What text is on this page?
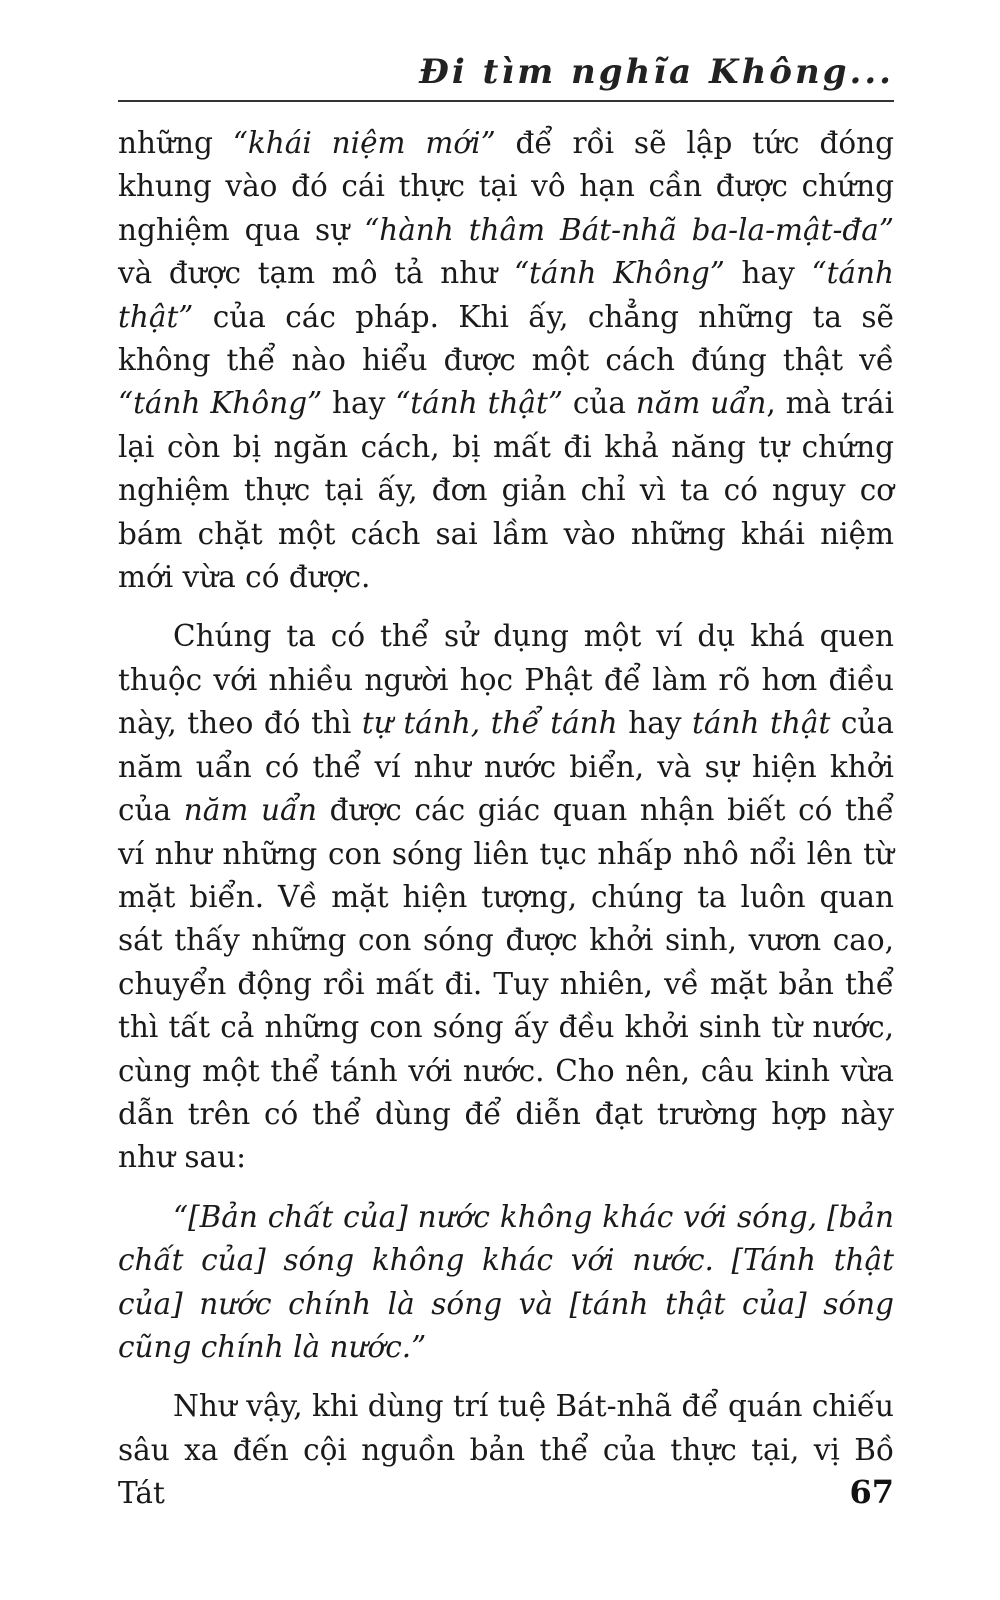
Đi tìm nghĩa Không...

những “khái niệm mới” để rồi sẽ lập tức đóng khung vào đó cái thực tại vô hạn cần được chứng nghiệm qua sự “hành thâm Bát-nhã ba-la-mật-đa” và được tạm mô tả như “tánh Không” hay “tánh thật” của các pháp. Khi ấy, chẳng những ta sẽ không thể nào hiểu được một cách đúng thật về “tánh Không” hay “tánh thật” của năm uẩn, mà trái lại còn bị ngăn cách, bị mất đi khả năng tự chứng nghiệm thực tại ấy, đơn giản chỉ vì ta có nguy cơ bám chặt một cách sai lầm vào những khái niệm mới vừa có được.

Chúng ta có thể sử dụng một ví dụ khá quen thuộc với nhiều người học Phật để làm rõ hơn điều này, theo đó thì tự tánh, thể tánh hay tánh thật của năm uẩn có thể ví như nước biển, và sự hiện khởi của năm uẩn được các giác quan nhận biết có thể ví như những con sóng liên tục nhấp nhô nổi lên từ mặt biển. Về mặt hiện tượng, chúng ta luôn quan sát thấy những con sóng được khởi sinh, vươn cao, chuyển động rồi mất đi. Tuy nhiên, về mặt bản thể thì tất cả những con sóng ấy đều khởi sinh từ nước, cùng một thể tánh với nước. Cho nên, câu kinh vừa dẫn trên có thể dùng để diễn đạt trường hợp này như sau:

“[Bản chất của] nước không khác với sóng, [bản chất của] sóng không khác với nước. [Tánh thật của] nước chính là sóng và [tánh thật của] sóng cũng chính là nước.”

Như vậy, khi dùng trí tuệ Bát-nhã để quán chiếu sâu xa đến cội nguồn bản thể của thực tại, vị Bồ Tát	67
